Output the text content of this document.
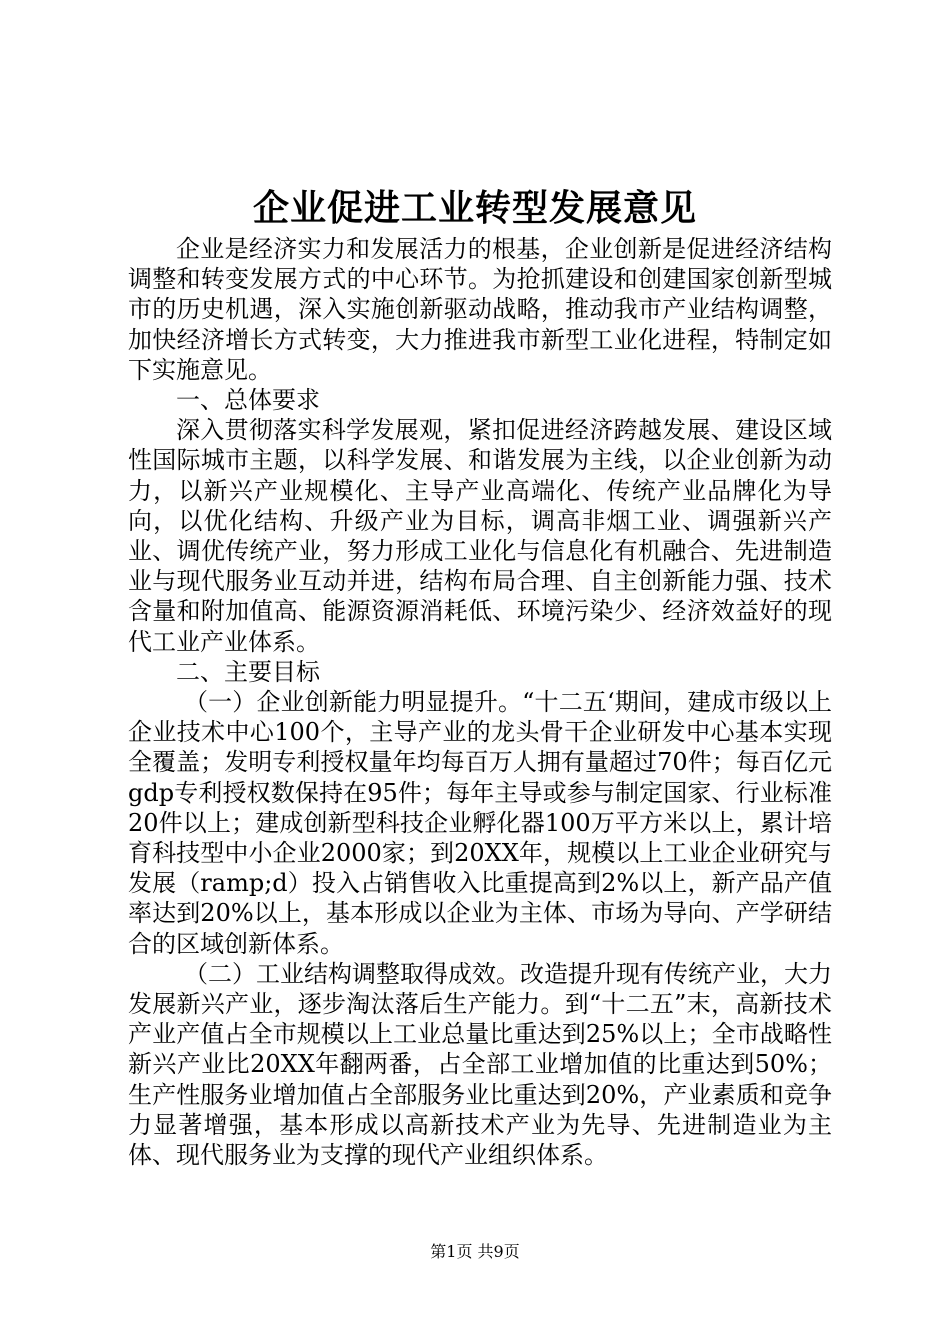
企业促进工业转型发展意见

企业是经济实力和发展活力的根基，企业创新是促进经济结构调整和转变发展方式的中心环节。为抢抓建设和创建国家创新型城市的历史机遇，深入实施创新驱动战略，推动我市产业结构调整，加快经济增长方式转变，大力推进我市新型工业化进程，特制定如下实施意见。

一、总体要求

深入贯彻落实科学发展观，紧扣促进经济跨越发展、建设区域性国际城市主题，以科学发展、和谐发展为主线，以企业创新为动力，以新兴产业规模化、主导产业高端化、传统产业品牌化为导向，以优化结构、升级产业为目标，调高非烟工业、调强新兴产业、调优传统产业，努力形成工业化与信息化有机融合、先进制造业与现代服务业互动并进，结构布局合理、自主创新能力强、技术含量和附加值高、能源资源消耗低、环境污染少、经济效益好的现代工业产业体系。

二、主要目标

（一）企业创新能力明显提升。“十二五‘期间，建成市级以上企业技术中心100个，主导产业的龙头骨干企业研发中心基本实现全覆盖；发明专利授权量年均每百万人拥有量超过70件；每百亿元gdp专利授权数保持在95件；每年主导或参与制定国家、行业标准20件以上；建成创新型科技企业孵化器100万平方米以上，累计培育科技型中小企业2000家；到20XX年，规模以上工业企业研究与发展（ramp;d）投入占销售收入比重提高到2%以上，新产品产值率达到20%以上，基本形成以企业为主体、市场为导向、产学研结合的区域创新体系。

（二）工业结构调整取得成效。改造提升现有传统产业，大力发展新兴产业，逐步淘汰落后生产能力。到“十二五”末，高新技术产业产值占全市规模以上工业总量比重达到25%以上；全市战略性新兴产业比20XX年翻两番，占全部工业增加值的比重达到50%；生产性服务业增加值占全部服务业比重达到20%，产业素质和竞争力显著增强，基本形成以高新技术产业为先导、先进制造业为主体、现代服务业为支撑的现代产业组织体系。

第1页 共9页
